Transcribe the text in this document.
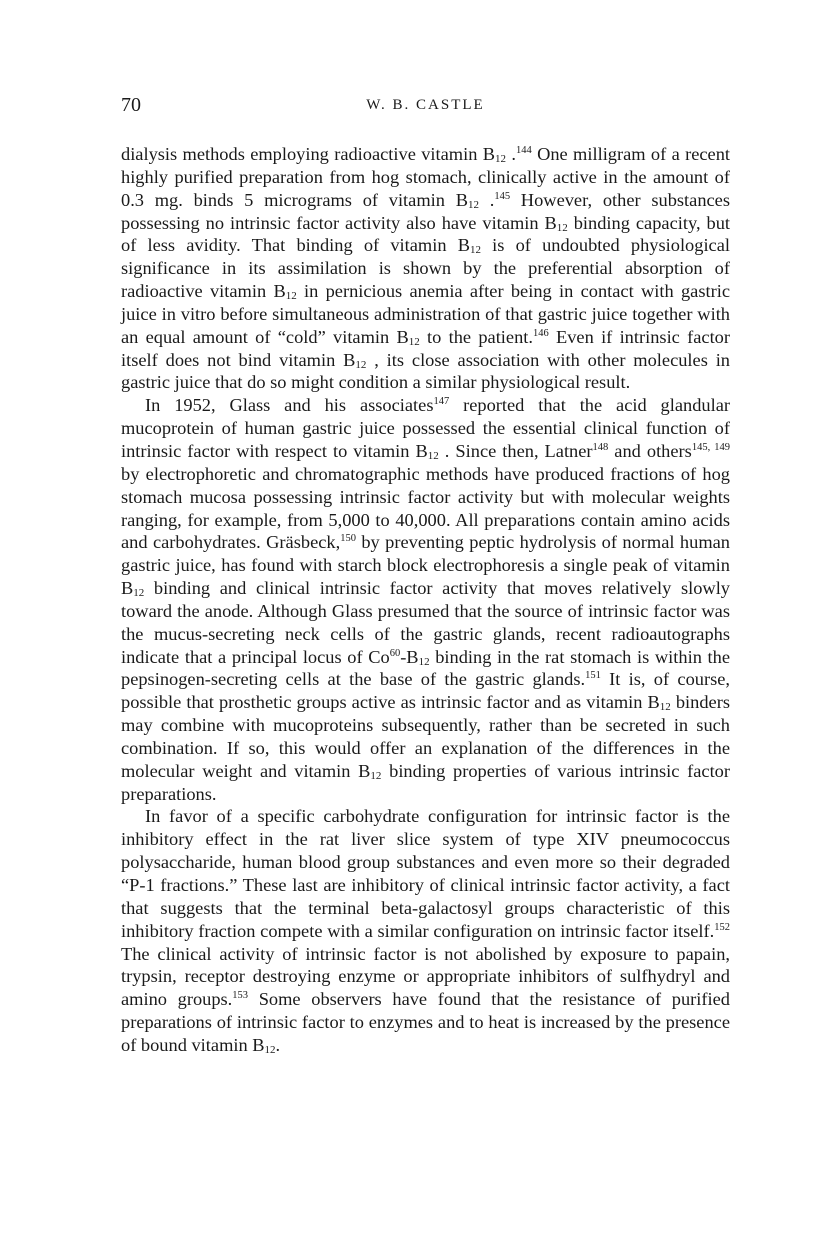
70	W. B. CASTLE

dialysis methods employing radioactive vitamin $B_{12}$ .$^{144}$ One milligram of a recent highly purified preparation from hog stomach, clinically active in the amount of 0.3 mg. binds 5 micrograms of vitamin $B_{12}$ .$^{145}$ However, other substances possessing no intrinsic factor activity also have vitamin $B_{12}$ binding capacity, but of less avidity. That binding of vitamin $B_{12}$ is of undoubted physiological significance in its assimilation is shown by the preferential absorption of radioactive vitamin $B_{12}$ in pernicious anemia after being in contact with gastric juice in vitro before simultaneous administration of that gastric juice together with an equal amount of “cold” vitamin $B_{12}$ to the patient.$^{146}$ Even if intrinsic factor itself does not bind vitamin $B_{12}$ , its close association with other molecules in gastric juice that do so might condition a similar physiological result.

In 1952, Glass and his associates$^{147}$ reported that the acid glandular mucoprotein of human gastric juice possessed the essential clinical function of intrinsic factor with respect to vitamin $B_{12}$ . Since then, Latner$^{148}$ and others$^{145, 149}$ by electrophoretic and chromatographic methods have produced fractions of hog stomach mucosa possessing intrinsic factor activity but with molecular weights ranging, for example, from 5,000 to 40,000. All preparations contain amino acids and carbohydrates. Gräsbeck,$^{150}$ by preventing peptic hydrolysis of normal human gastric juice, has found with starch block electrophoresis a single peak of vitamin $B_{12}$ binding and clinical intrinsic factor activity that moves relatively slowly toward the anode. Although Glass presumed that the source of intrinsic factor was the mucus-secreting neck cells of the gastric glands, recent radioautographs indicate that a principal locus of $Co^{60}-B_{12}$ binding in the rat stomach is within the pepsinogen-secreting cells at the base of the gastric glands.$^{151}$ It is, of course, possible that prosthetic groups active as intrinsic factor and as vitamin $B_{12}$ binders may combine with mucoproteins subsequently, rather than be secreted in such combination. If so, this would offer an explanation of the differences in the molecular weight and vitamin $B_{12}$ binding properties of various intrinsic factor preparations.

In favor of a specific carbohydrate configuration for intrinsic factor is the inhibitory effect in the rat liver slice system of type XIV pneumococcus polysaccharide, human blood group substances and even more so their degraded “P-1 fractions.” These last are inhibitory of clinical intrinsic factor activity, a fact that suggests that the terminal beta-galactosyl groups characteristic of this inhibitory fraction compete with a similar configuration on intrinsic factor itself.$^{152}$ The clinical activity of intrinsic factor is not abolished by exposure to papain, trypsin, receptor destroying enzyme or appropriate inhibitors of sulfhydryl and amino groups.$^{153}$ Some observers have found that the resistance of purified preparations of intrinsic factor to enzymes and to heat is increased by the presence of bound vitamin $B_{12}$.
